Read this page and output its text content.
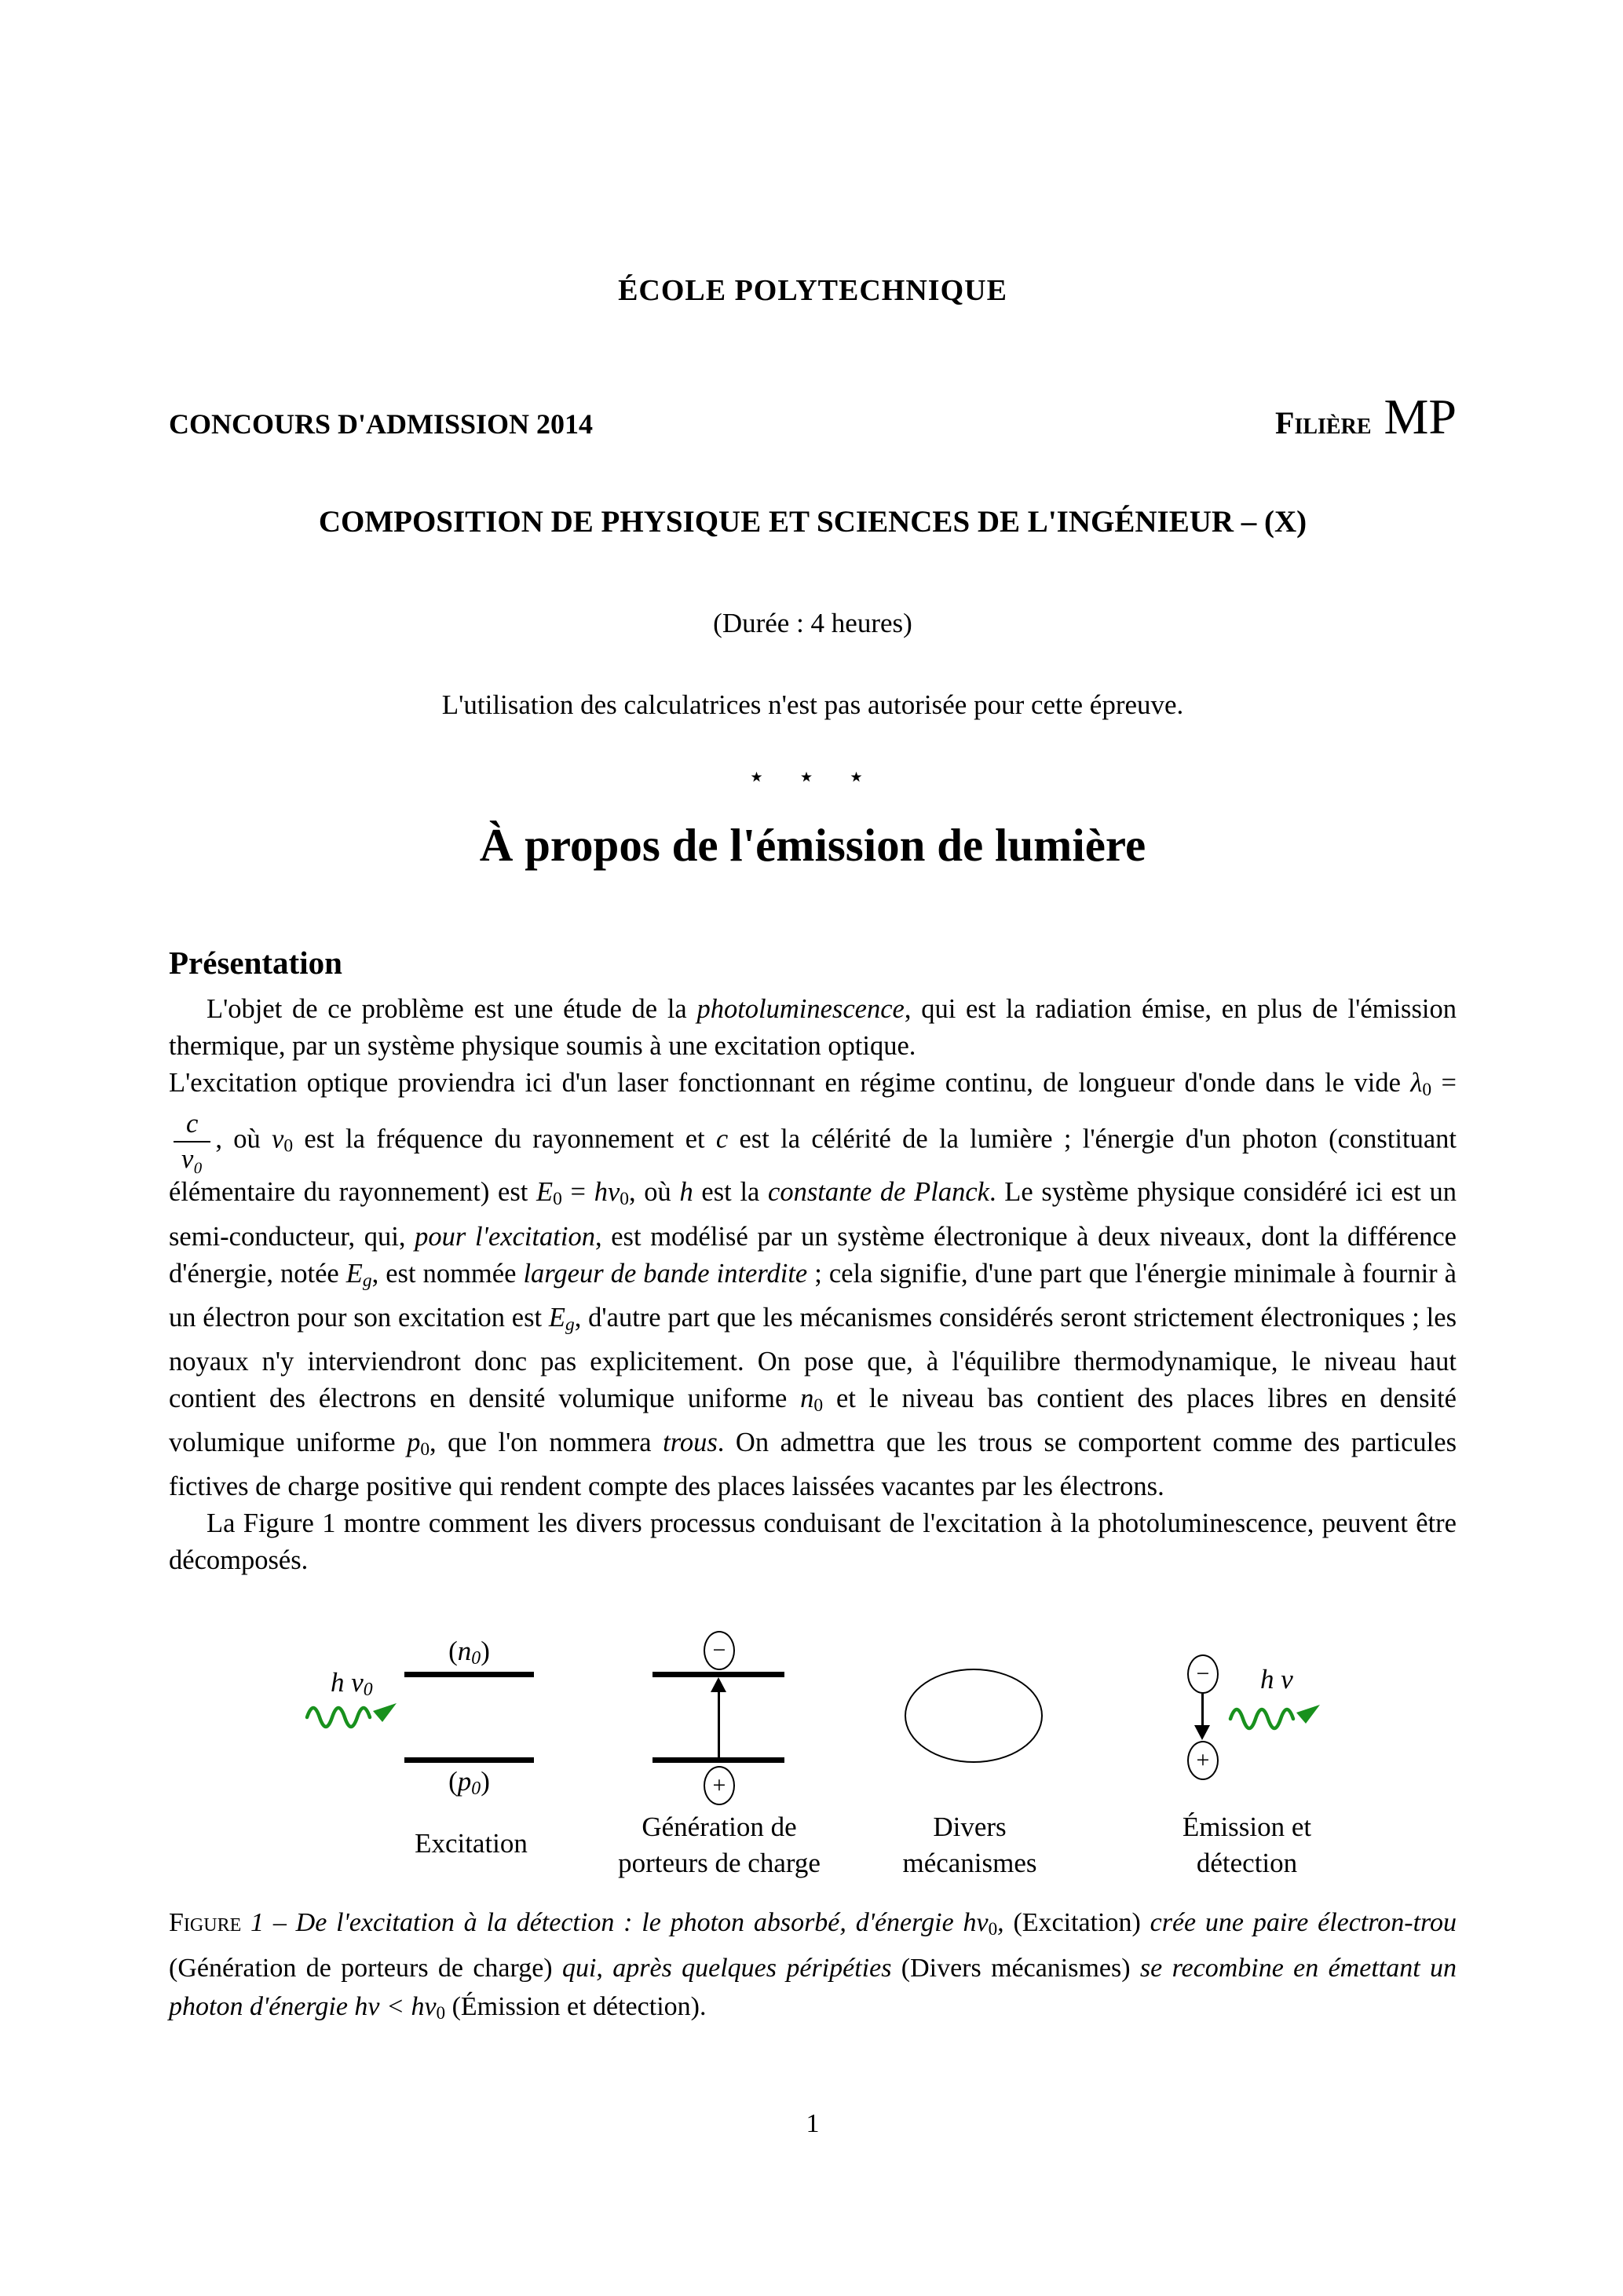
ÉCOLE POLYTECHNIQUE
CONCOURS D'ADMISSION 2014	Filière MP
COMPOSITION DE PHYSIQUE ET SCIENCES DE L'INGÉNIEUR – (X)
(Durée : 4 heures)
L'utilisation des calculatrices n'est pas autorisée pour cette épreuve.
⋆ ⋆ ⋆
À propos de l'émission de lumière
Présentation

L'objet de ce problème est une étude de la photoluminescence, qui est la radiation émise, en plus de l'émission thermique, par un système physique soumis à une excitation optique.

L'excitation optique proviendra ici d'un laser fonctionnant en régime continu, de longueur d'onde dans le vide λ0 =
$\frac{c}{\text{ν₀}}$ , où ν0 est la fréquence du rayonnement et c est la célérité de la lumière ; l'énergie d'un photon (constituant élémentaire du rayonnement) est E0 = hν0, où h est la constante de Planck. Le système physique considéré ici est un semi-conducteur, qui, pour l'excitation, est modélisé par un système électronique à deux niveaux, dont la différence d'énergie, notée Eg, est nommée largeur de bande interdite ; cela signifie, d'une part que l'énergie minimale à fournir à un électron pour son excitation est Eg, d'autre part que les mécanismes considérés seront strictement électroniques ; les noyaux n'y interviendront donc pas explicitement. On pose que, à l'équilibre thermodynamique, le niveau haut contient des électrons en densité volumique uniforme n0 et le niveau bas contient des places libres en densité volumique uniforme p0, que l'on nommera trous. On admettra que les trous se comportent comme des particules fictives de charge positive qui rendent compte des places laissées vacantes par les électrons.

La Figure 1 montre comment les divers processus conduisant de l'excitation à la photoluminescence, peuvent être décomposés.

h ν0
(n0)
(p0)
Excitation
−
+
Génération de
porteurs de charge
Divers
mécanismes
−
+
h ν
Émission et
détection
Figure 1 – De l'excitation à la détection : le photon absorbé, d'énergie hν0, (Excitation) crée une paire électron-trou (Génération de porteurs de charge) qui, après quelques péripéties (Divers mécanismes) se recombine en émettant un photon d'énergie hν < hν0 (Émission et détection).
1
